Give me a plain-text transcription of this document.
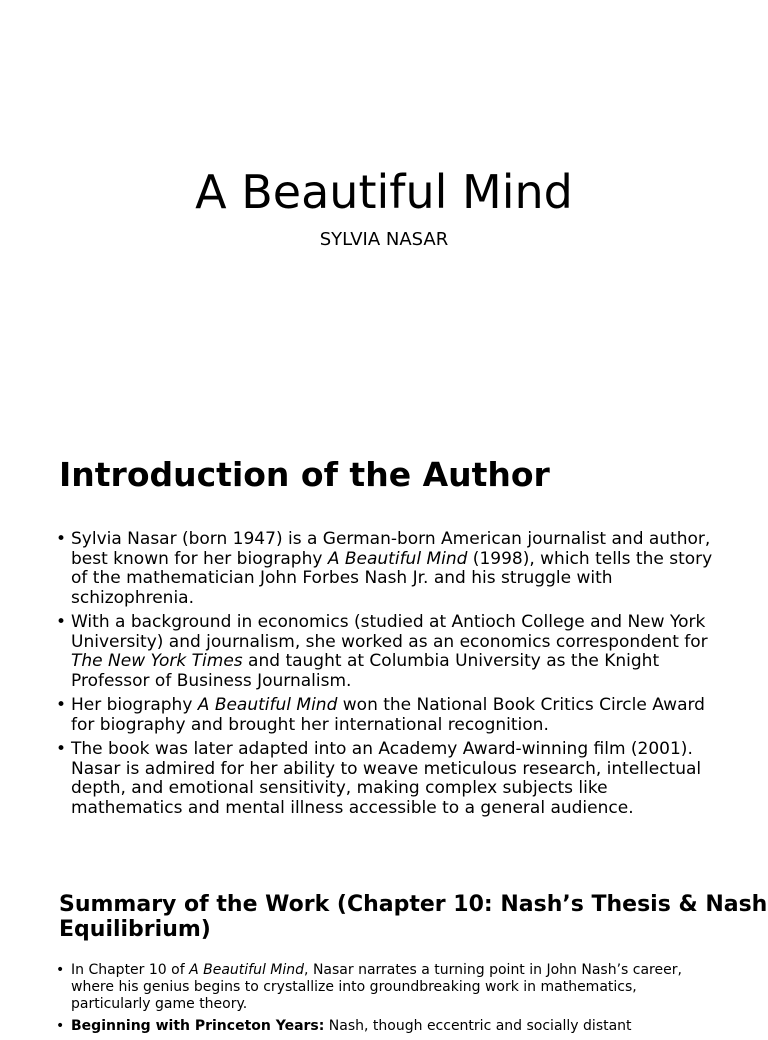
A Beautiful Mind
SYLVIA NASAR
Introduction of the Author
• Sylvia Nasar (born 1947) is a German-born American journalist and author, best known for her biography A Beautiful Mind (1998), which tells the story of the mathematician John Forbes Nash Jr. and his struggle with schizophrenia.
• With a background in economics (studied at Antioch College and New York University) and journalism, she worked as an economics correspondent for The New York Times and taught at Columbia University as the Knight Professor of Business Journalism.
• Her biography A Beautiful Mind won the National Book Critics Circle Award for biography and brought her international recognition.
• The book was later adapted into an Academy Award-winning film (2001). Nasar is admired for her ability to weave meticulous research, intellectual depth, and emotional sensitivity, making complex subjects like mathematics and mental illness accessible to a general audience.
Summary of the Work (Chapter 10: Nash’s Thesis & Nash Equilibrium)
• In Chapter 10 of A Beautiful Mind, Nasar narrates a turning point in John Nash’s career, where his genius begins to crystallize into groundbreaking work in mathematics, particularly game theory.
• Beginning with Princeton Years: Nash, though eccentric and socially distant
